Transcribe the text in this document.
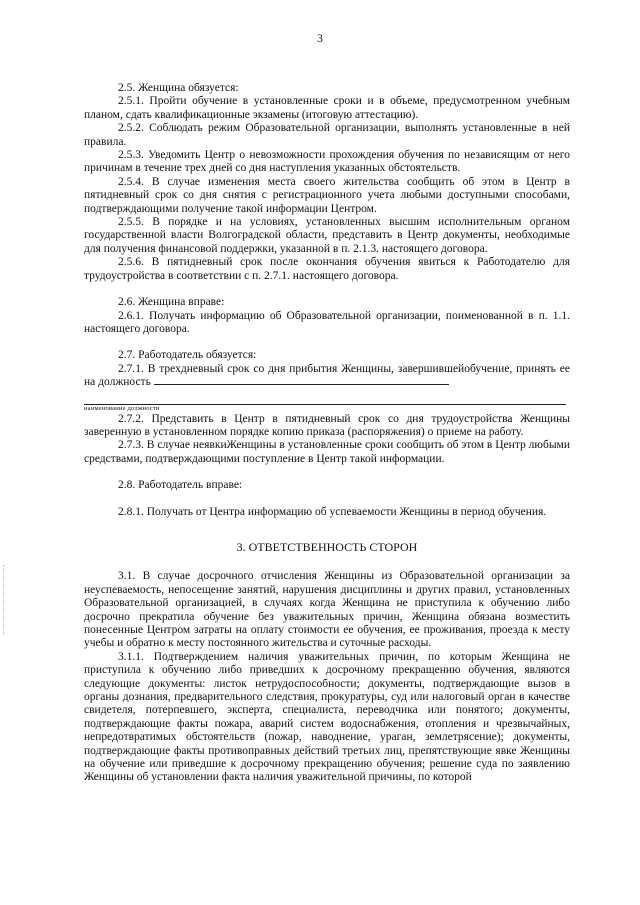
3

2.5. Женщина обязуется:

2.5.1. Пройти обучение в установленные сроки и в объеме, предусмотренном учебным планом, сдать квалификационные экзамены (итоговую аттестацию).

2.5.2. Соблюдать режим Образовательной организации, выполнять установленные в ней правила.

2.5.3. Уведомить Центр о невозможности прохождения обучения по независящим от него причинам в течение трех дней со дня наступления указанных обстоятельств.

2.5.4. В случае изменения места своего жительства сообщить об этом в Центр в пятидневный срок со дня снятия с регистрационного учета любыми доступными способами, подтверждающими получение такой информации Центром.

2.5.5. В порядке и на условиях, установленных высшим исполнительным органом государственной власти Волгоградской области, представить в Центр документы, необходимые для получения финансовой поддержки, указанной в п. 2.1.3. настоящего договора.

2.5.6. В пятидневный срок после окончания обучения явиться к Работодателю для трудоустройства в соответствии с п. 2.7.1. настоящего договора.

2.6. Женщина вправе:

2.6.1. Получать информацию об Образовательной организации, поименованной в п. 1.1. настоящего договора.

2.7. Работодатель обязуется:

2.7.1. В трехдневный срок со дня прибытия Женщины, завершившейобучение, принять ее на должность

наименование должности

2.7.2. Представить в Центр в пятидневный срок со дня трудоустройства Женщины заверенную в установленном порядке копию приказа (распоряжения) о приеме на работу.

2.7.3. В случае неявкиЖенщины в установленные сроки сообщить об этом в Центр любыми средствами, подтверждающими поступление в Центр такой информации.

2.8. Работодатель вправе:

2.8.1. Получать от Центра информацию об успеваемости Женщины в период обучения.

3. ОТВЕТСТВЕННОСТЬ СТОРОН

3.1. В случае досрочного отчисления Женщины из Образовательной организации за неуспеваемость, непосещение занятий, нарушения дисциплины и других правил, установленных Образовательной организацией, в случаях когда Женщина не приступила к обучению либо досрочно прекратила обучение без уважительных причин, Женщина обязана возместить понесенные Центром затраты на оплату стоимости ее обучения, ее проживания, проезда к месту учебы и обратно к месту постоянного жительства и суточные расходы.

3.1.1. Подтверждением наличия уважительных причин, по которым Женщина не приступила к обучению либо приведших к досрочному прекращению обучения, являются следующие документы: листок нетрудоспособности; документы, подтверждающие вызов в органы дознания, предварительного следствия, прокуратуры, суд или налоговый орган в качестве свидетеля, потерпевшего, эксперта, специалиста, переводчика или понятого; документы, подтверждающие факты пожара, аварий систем водоснабжения, отопления и чрезвычайных, непредотвратимых обстоятельств (пожар, наводнение, ураган, землетрясение); документы, подтверждающие факты противоправных действий третьих лиц, препятствующие явке Женщины на обучение или приведшие к досрочному прекращению обучения; решение суда по заявлению Женщины об установлении факта наличия уважительной причины, по которой
